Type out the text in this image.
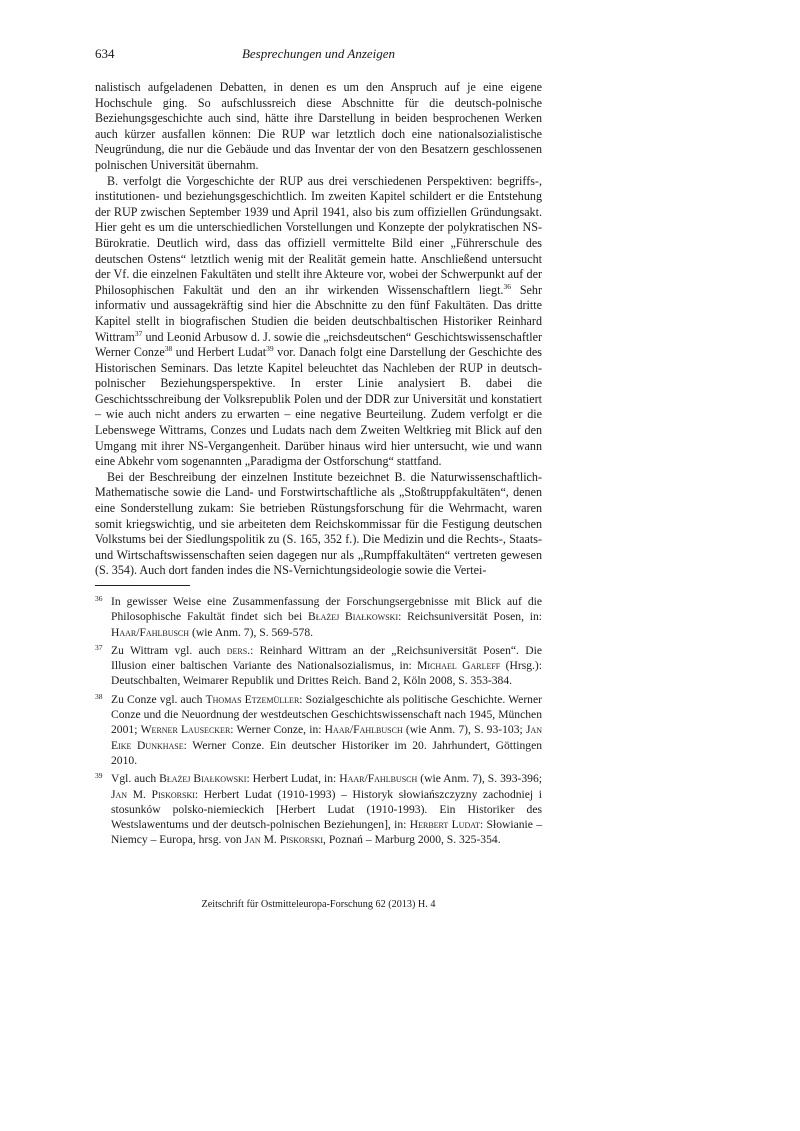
634	Besprechungen und Anzeigen

nalistisch aufgeladenen Debatten, in denen es um den Anspruch auf je eine eigene Hochschule ging. So aufschlussreich diese Abschnitte für die deutsch-polnische Beziehungsgeschichte auch sind, hätte ihre Darstellung in beiden besprochenen Werken auch kürzer ausfallen können: Die RUP war letztlich doch eine nationalsozialistische Neugründung, die nur die Gebäude und das Inventar der von den Besatzern geschlossenen polnischen Universität übernahm.

B. verfolgt die Vorgeschichte der RUP aus drei verschiedenen Perspektiven: begriffs-, institutionen- und beziehungsgeschichtlich. Im zweiten Kapitel schildert er die Entstehung der RUP zwischen September 1939 und April 1941, also bis zum offiziellen Gründungsakt. Hier geht es um die unterschiedlichen Vorstellungen und Konzepte der polykratischen NS-Bürokratie. Deutlich wird, dass das offiziell vermittelte Bild einer „Führerschule des deutschen Ostens“ letztlich wenig mit der Realität gemein hatte. Anschließend untersucht der Vf. die einzelnen Fakultäten und stellt ihre Akteure vor, wobei der Schwerpunkt auf der Philosophischen Fakultät und den an ihr wirkenden Wissenschaftlern liegt.$^{36}$ Sehr informativ und aussagekräftig sind hier die Abschnitte zu den fünf Fakultäten. Das dritte Kapitel stellt in biografischen Studien die beiden deutschbaltischen Historiker Reinhard Wittram$^{37}$ und Leonid Arbusow d. J. sowie die „reichsdeutschen“ Geschichtswissenschaftler Werner Conze$^{38}$ und Herbert Ludat$^{39}$ vor. Danach folgt eine Darstellung der Geschichte des Historischen Seminars. Das letzte Kapitel beleuchtet das Nachleben der RUP in deutsch-polnischer Beziehungsperspektive. In erster Linie analysiert B. dabei die Geschichtsschreibung der Volksrepublik Polen und der DDR zur Universität und konstatiert – wie auch nicht anders zu erwarten – eine negative Beurteilung. Zudem verfolgt er die Lebenswege Wittrams, Conzes und Ludats nach dem Zweiten Weltkrieg mit Blick auf den Umgang mit ihrer NS-Vergangenheit. Darüber hinaus wird hier untersucht, wie und wann eine Abkehr vom sogenannten „Paradigma der Ostforschung“ stattfand.

Bei der Beschreibung der einzelnen Institute bezeichnet B. die Naturwissenschaftlich-Mathematische sowie die Land- und Forstwirtschaftliche als „Stoßtruppfakultäten“, denen eine Sonderstellung zukam: Sie betrieben Rüstungsforschung für die Wehrmacht, waren somit kriegswichtig, und sie arbeiteten dem Reichskommissar für die Festigung deutschen Volkstums bei der Siedlungspolitik zu (S. 165, 352 f.). Die Medizin und die Rechts-, Staats- und Wirtschaftswissenschaften seien dagegen nur als „Rumpffakultäten“ vertreten gewesen (S. 354). Auch dort fanden indes die NS-Vernichtungsideologie sowie die Vertei-

36 In gewisser Weise eine Zusammenfassung der Forschungsergebnisse mit Blick auf die Philosophische Fakultät findet sich bei Błażej Białkowski: Reichsuniversität Posen, in: Haar/Fahlbusch (wie Anm. 7), S. 569-578.
37 Zu Wittram vgl. auch ders.: Reinhard Wittram an der „Reichsuniversität Posen“. Die Illusion einer baltischen Variante des Nationalsozialismus, in: Michael Garleff (Hrsg.): Deutschbalten, Weimarer Republik und Drittes Reich. Band 2, Köln 2008, S. 353-384.
38 Zu Conze vgl. auch Thomas Etzemüller: Sozialgeschichte als politische Geschichte. Werner Conze und die Neuordnung der westdeutschen Geschichtswissenschaft nach 1945, München 2001; Werner Lausecker: Werner Conze, in: Haar/Fahlbusch (wie Anm. 7), S. 93-103; Jan Eike Dunkhase: Werner Conze. Ein deutscher Historiker im 20. Jahrhundert, Göttingen 2010.
39 Vgl. auch Błażej Białkowski: Herbert Ludat, in: Haar/Fahlbusch (wie Anm. 7), S. 393-396; Jan M. Piskorski: Herbert Ludat (1910-1993) – Historyk słowiańszczyzny zachodniej i stosunków polsko-niemieckich [Herbert Ludat (1910-1993). Ein Historiker des Westslawentums und der deutsch-polnischen Beziehungen], in: Herbert Ludat: Słowianie – Niemcy – Europa, hrsg. von Jan M. Piskorski, Poznań – Marburg 2000, S. 325-354.
Zeitschrift für Ostmitteleuropa-Forschung 62 (2013) H. 4
